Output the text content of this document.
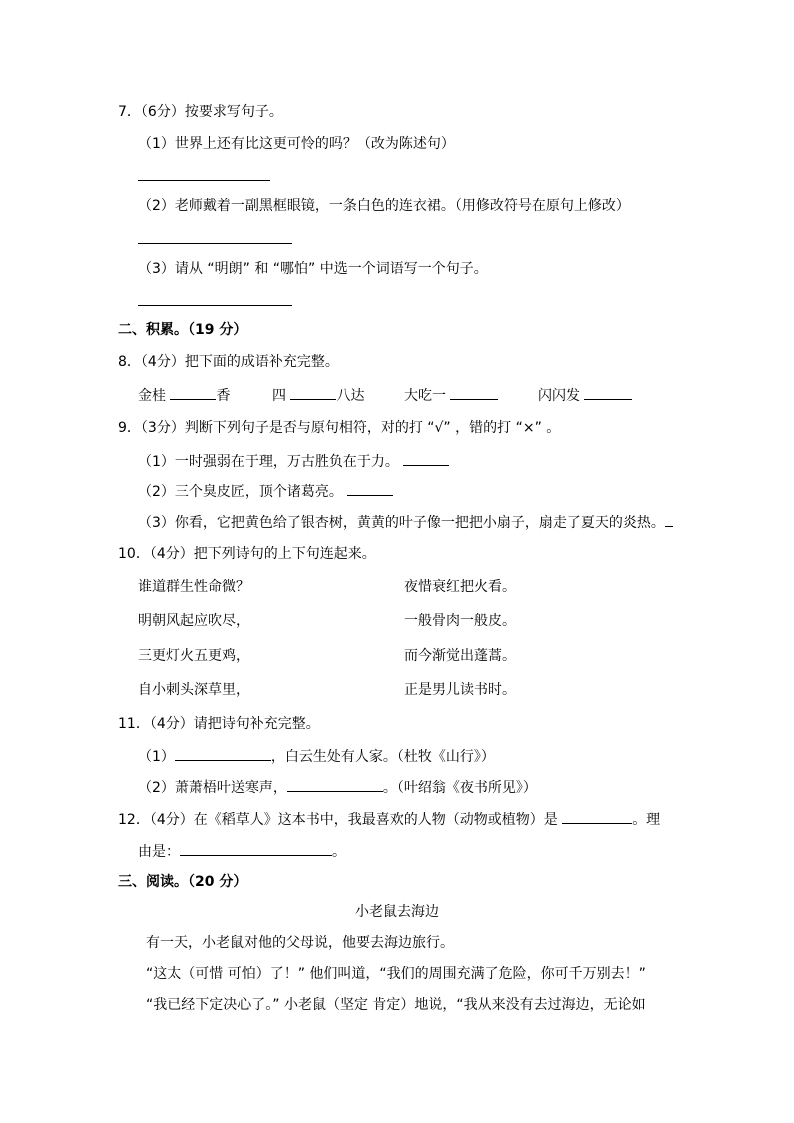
7．（6分）按要求写句子。
（1）世界上还有比这更可怜的吗？（改为陈述句）
（2）老师戴着一副黑框眼镜，一条白色的连衣裙。（用修改符号在原句上修改）
（3）请从 “明朗” 和 “哪怕” 中选一个词语写一个句子。
二、积累。（19 分）
8．（4分）把下面的成语补充完整。
金桂	香	四	八达	大吃一	闪闪发
9．（3分）判断下列句子是否与原句相符，对的打 “√” ，错的打 “×” 。
（1）一时强弱在于理，万古胜负在于力。
（2）三个臭皮匠，顶个诸葛亮。
（3）你看，它把黄色给了银杏树，黄黄的叶子像一把把小扇子，扇走了夏天的炎热。
10．（4分）把下列诗句的上下句连起来。
谁道群生性命微？	夜惜衰红把火看。
明朝风起应吹尽，	一般骨肉一般皮。
三更灯火五更鸡，	而今渐觉出蓬蒿。
自小刺头深草里，	正是男儿读书时。
11．（4分）请把诗句补充完整。
（1）	，白云生处有人家。（杜牧《山行》）
（2）萧萧梧叶送寒声，	。（叶绍翁《夜书所见》）
12．（4分）在《稻草人》这本书中，我最喜欢的人物（动物或植物）是	。理
由是：	。
三、阅读。（20 分）
小老鼠去海边
有一天，小老鼠对他的父母说，他要去海边旅行。
“这太（可惜 可怕）了！” 他们叫道，“我们的周围充满了危险，你可千万别去！”
“我已经下定决心了。” 小老鼠（坚定 肯定）地说，“我从来没有去过海边，无论如
